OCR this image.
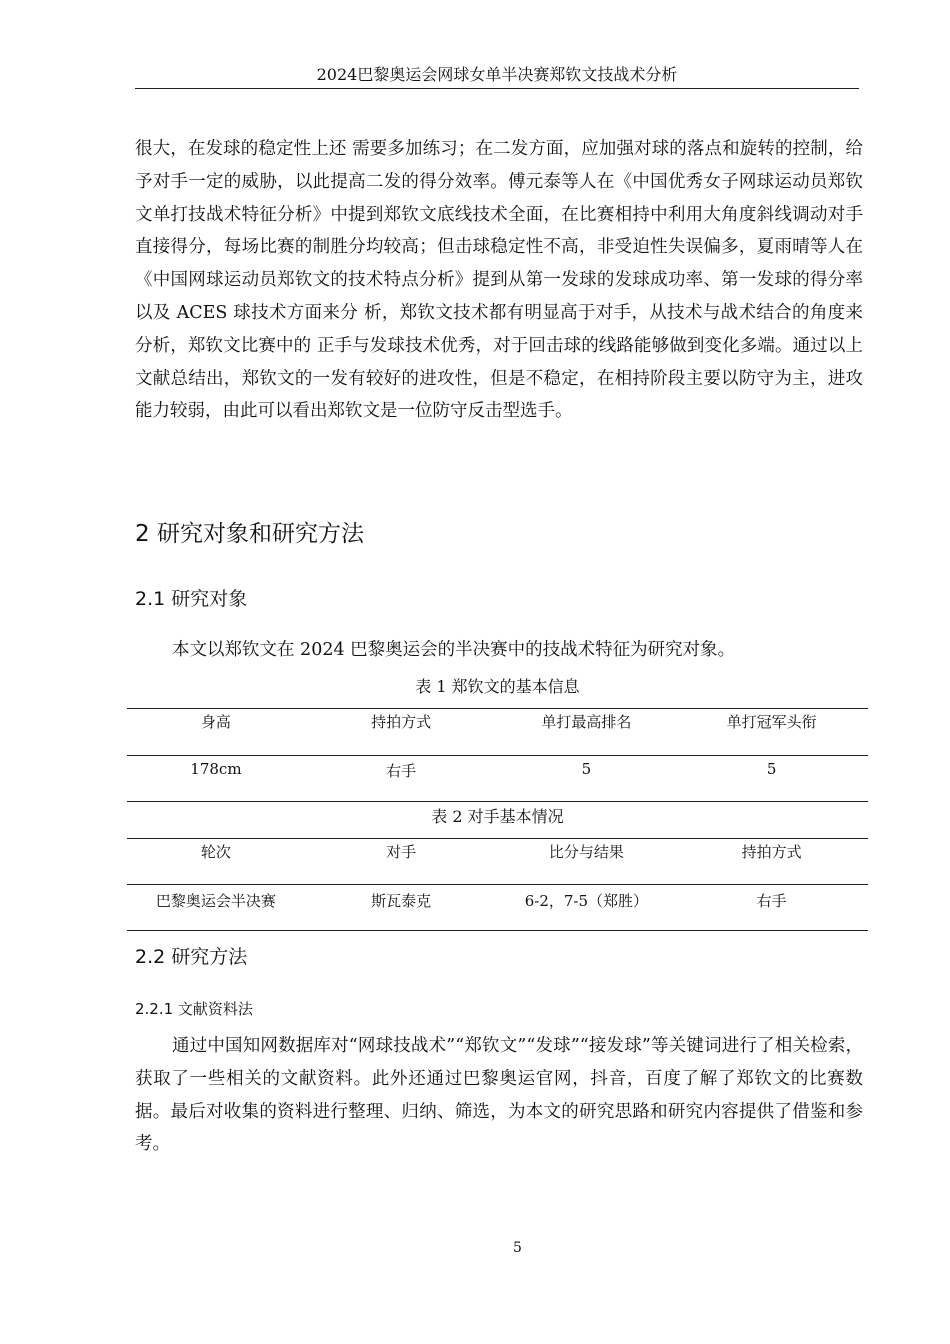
2024巴黎奥运会网球女单半决赛郑钦文技战术分析

很大，在发球的稳定性上还 需要多加练习；在二发方面，应加强对球的落点和旋转的控制，给予对手一定的威胁，以此提高二发的得分效率。傅元泰等人在《中国优秀女子网球运动员郑钦文单打技战术特征分析》中提到郑钦文底线技术全面，在比赛相持中利用大角度斜线调动对手直接得分，每场比赛的制胜分均较高；但击球稳定性不高，非受迫性失误偏多，夏雨晴等人在《中国网球运动员郑钦文的技术特点分析》提到从第一发球的发球成功率、第一发球的得分率以及 ACES 球技术方面来分 析，郑钦文技术都有明显高于对手，从技术与战术结合的角度来分析，郑钦文比赛中的 正手与发球技术优秀，对于回击球的线路能够做到变化多端。通过以上文献总结出，郑钦文的一发有较好的进攻性，但是不稳定，在相持阶段主要以防守为主，进攻能力较弱，由此可以看出郑钦文是一位防守反击型选手。

2 研究对象和研究方法
2.1 研究对象

本文以郑钦文在 2024 巴黎奥运会的半决赛中的技战术特征为研究对象。

表 1 郑钦文的基本信息
身高	持拍方式	单打最高排名	单打冠军头衔
178cm	右手	5	5
表 2 对手基本情况
轮次	对手	比分与结果	持拍方式
巴黎奥运会半决赛	斯瓦泰克	6-2，7-5（郑胜）	右手
2.2 研究方法
2.2.1 文献资料法

通过中国知网数据库对“网球技战术”“郑钦文”“发球”“接发球”等关键词进行了相关检索，获取了一些相关的文献资料。此外还通过巴黎奥运官网，抖音，百度了解了郑钦文的比赛数据。最后对收集的资料进行整理、归纳、筛选，为本文的研究思路和研究内容提供了借鉴和参考。

5
